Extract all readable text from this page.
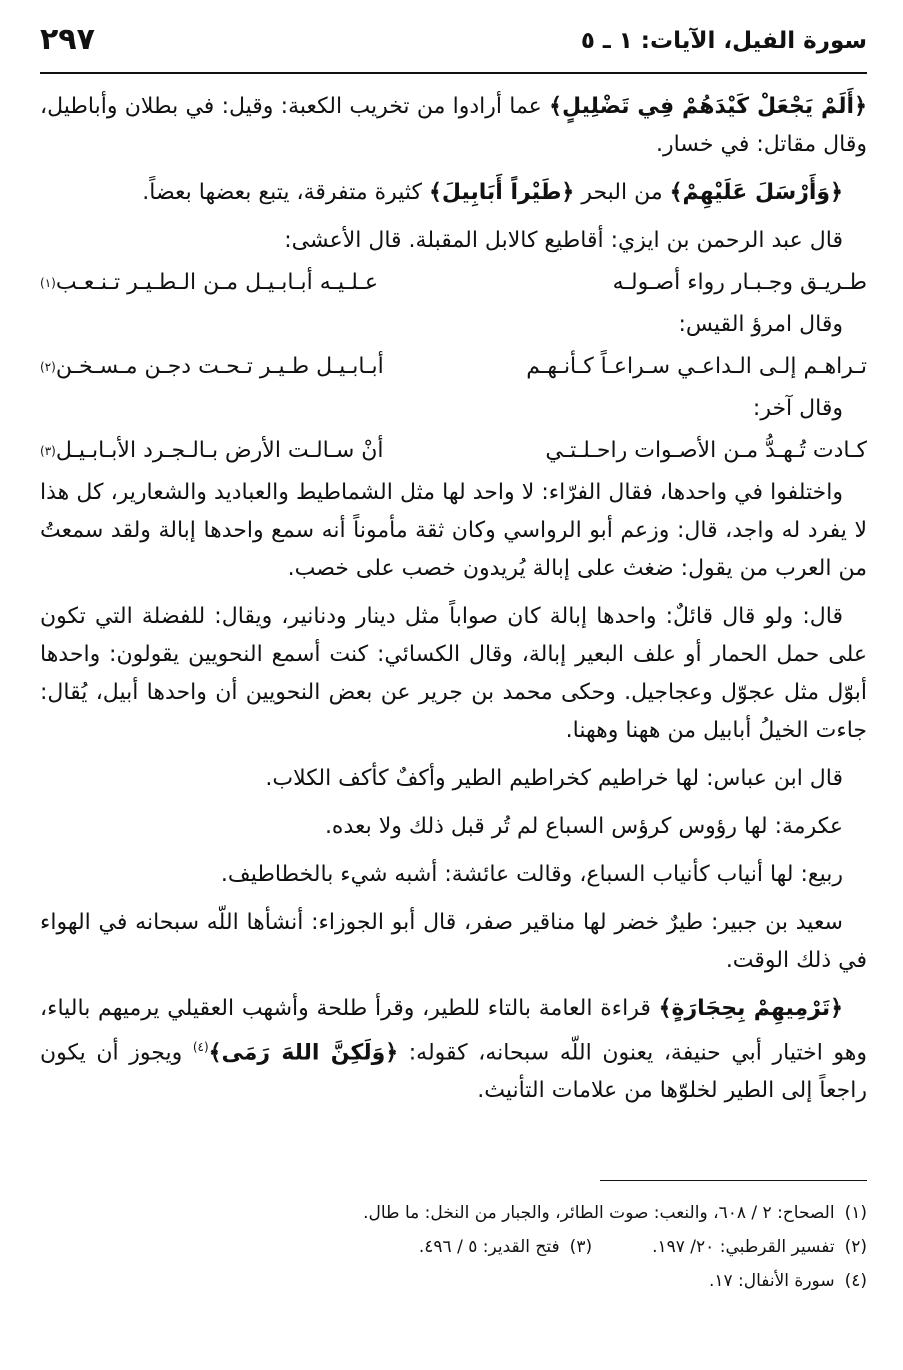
سورة الفيل، الآيات: ١ ـ ٥
٢٩٧

﴿أَلَمْ يَجْعَلْ كَيْدَهُمْ فِي تَضْلِيلٍ﴾ عما أرادوا من تخريب الكعبة: وقيل: في بطلان وأباطيل، وقال مقاتل: في خسار.

﴿وَأَرْسَلَ عَلَيْهِمْ﴾ من البحر ﴿طَيْراً أَبَابِيلَ﴾ كثيرة متفرقة، يتبع بعضها بعضاً.

قال عبد الرحمن بن ايزي: أقاطيع كالابل المقبلة. قال الأعشى:

طـريـق وجـبـار رواء أصـولـه
عـلـيـه أبـابـيـل مـن الـطـيـر تـنـعـب
(١)

وقال امرؤ القيس:

تـراهـم إلـى الـداعـي سـراعـاً كـأنـهـم
أبـابـيـل طـيـر تـحـت دجـن مـسـخـن
(٢)

وقال آخر:

كـادت تُـهـدُّ مـن الأصـوات راحـلـتـي
أنْ سـالـت الأرض بـالـجـرد الأبـابـيـل
(٣)

واختلفوا في واحدها، فقال الفرّاء: لا واحد لها مثل الشماطيط والعباديد والشعارير، كل هذا لا يفرد له واجد، قال: وزعم أبو الرواسي وكان ثقة مأموناً أنه سمع واحدها إبالة ولقد سمعتُ من العرب من يقول: ضغث على إبالة يُريدون خصب على خصب.

قال: ولو قال قائلٌ: واحدها إبالة كان صواباً مثل دينار ودنانير، ويقال: للفضلة التي تكون على حمل الحمار أو علف البعير إبالة، وقال الكسائي: كنت أسمع النحويين يقولون: واحدها أبوّل مثل عجوّل وعجاجيل. وحكى محمد بن جرير عن بعض النحويين أن واحدها أبيل، يُقال: جاءت الخيلُ أبابيل من ههنا وههنا.

قال ابن عباس: لها خراطيم كخراطيم الطير وأكفٌ كأكف الكلاب.

عكرمة: لها رؤوس كرؤس السباع لم تُر قبل ذلك ولا بعده.

ربيع: لها أنياب كأنياب السباع، وقالت عائشة: أشبه شيء بالخطاطيف.

سعيد بن جبير: طيرٌ خضر لها مناقير صفر، قال أبو الجوزاء: أنشأها اللّه سبحانه في الهواء في ذلك الوقت.

﴿تَرْمِيهِمْ بِحِجَارَةٍ﴾ قراءة العامة بالتاء للطير، وقرأ طلحة وأشهب العقيلي يرميهم بالياء، وهو اختيار أبي حنيفة، يعنون اللّه سبحانه، كقوله: ﴿وَلَكِنَّ اللهَ رَمَى﴾$^{(٤)}$ ويجوز أن يكون راجعاً إلى الطير لخلوّها من علامات التأنيث.

(١)الصحاح: ٢ / ٦٠٨، والنعب: صوت الطائر، والجبار من النخل: ما طال.

(٢)تفسير القرطبي: ٢٠/ ١٩٧.

(٣)فتح القدير: ٥ / ٤٩٦.

(٤)سورة الأنفال: ١٧.
